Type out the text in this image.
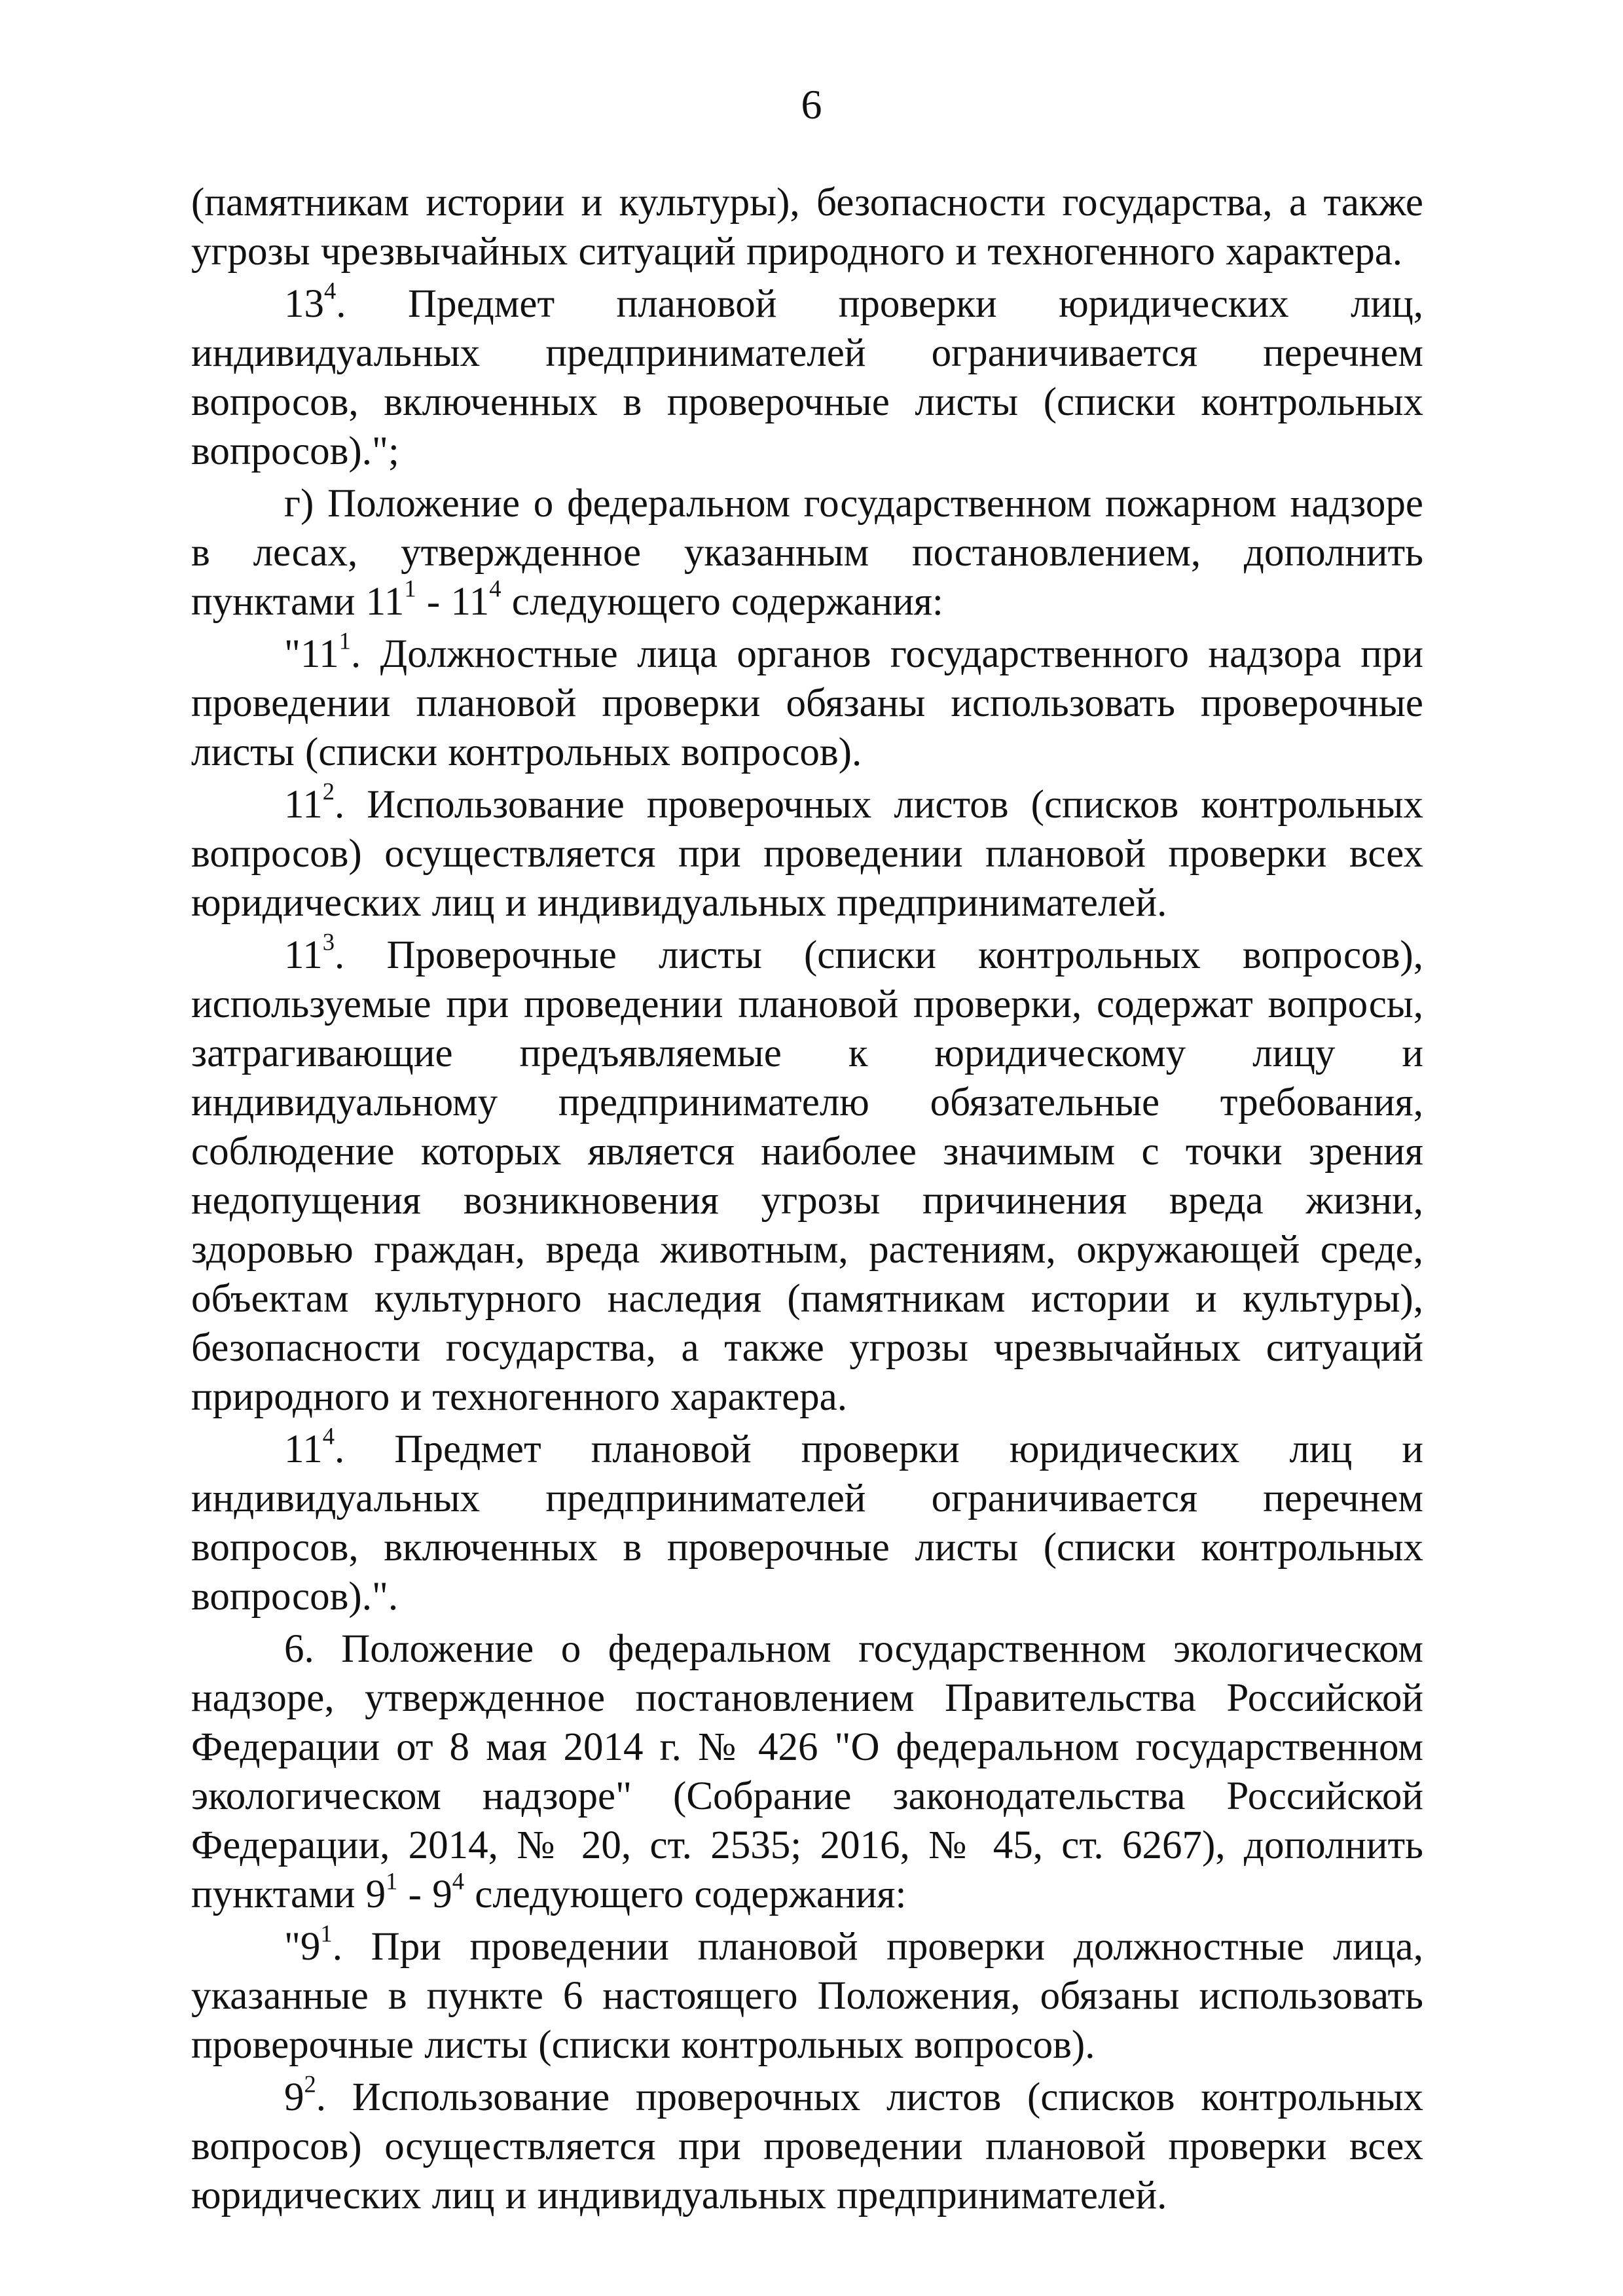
6

(памятникам истории и культуры), безопасности государства, а также угрозы чрезвычайных ситуаций природного и техногенного характера.

$13^4$. Предмет плановой проверки юридических лиц, индивидуальных предпринимателей ограничивается перечнем вопросов, включенных в проверочные листы (списки контрольных вопросов).";

г) Положение о федеральном государственном пожарном надзоре в лесах, утвержденное указанным постановлением, дополнить пунктами $11^1 - 11^4$ следующего содержания:

"$11^1$. Должностные лица органов государственного надзора при проведении плановой проверки обязаны использовать проверочные листы (списки контрольных вопросов).

$11^2$. Использование проверочных листов (списков контрольных вопросов) осуществляется при проведении плановой проверки всех юридических лиц и индивидуальных предпринимателей.

$11^3$. Проверочные листы (списки контрольных вопросов), используемые при проведении плановой проверки, содержат вопросы, затрагивающие предъявляемые к юридическому лицу и индивидуальному предпринимателю обязательные требования, соблюдение которых является наиболее значимым с точки зрения недопущения возникновения угрозы причинения вреда жизни, здоровью граждан, вреда животным, растениям, окружающей среде, объектам культурного наследия (памятникам истории и культуры), безопасности государства, а также угрозы чрезвычайных ситуаций природного и техногенного характера.

$11^4$. Предмет плановой проверки юридических лиц и индивидуальных предпринимателей ограничивается перечнем вопросов, включенных в проверочные листы (списки контрольных вопросов).".

6. Положение о федеральном государственном экологическом надзоре, утвержденное постановлением Правительства Российской Федерации от 8 мая 2014 г. № 426 "О федеральном государственном экологическом надзоре" (Собрание законодательства Российской Федерации, 2014, № 20, ст. 2535; 2016, № 45, ст. 6267), дополнить пунктами $9^1 - 9^4$ следующего содержания:

"$9^1$. При проведении плановой проверки должностные лица, указанные в пункте 6 настоящего Положения, обязаны использовать проверочные листы (списки контрольных вопросов).

$9^2$. Использование проверочных листов (списков контрольных вопросов) осуществляется при проведении плановой проверки всех юридических лиц и индивидуальных предпринимателей.
